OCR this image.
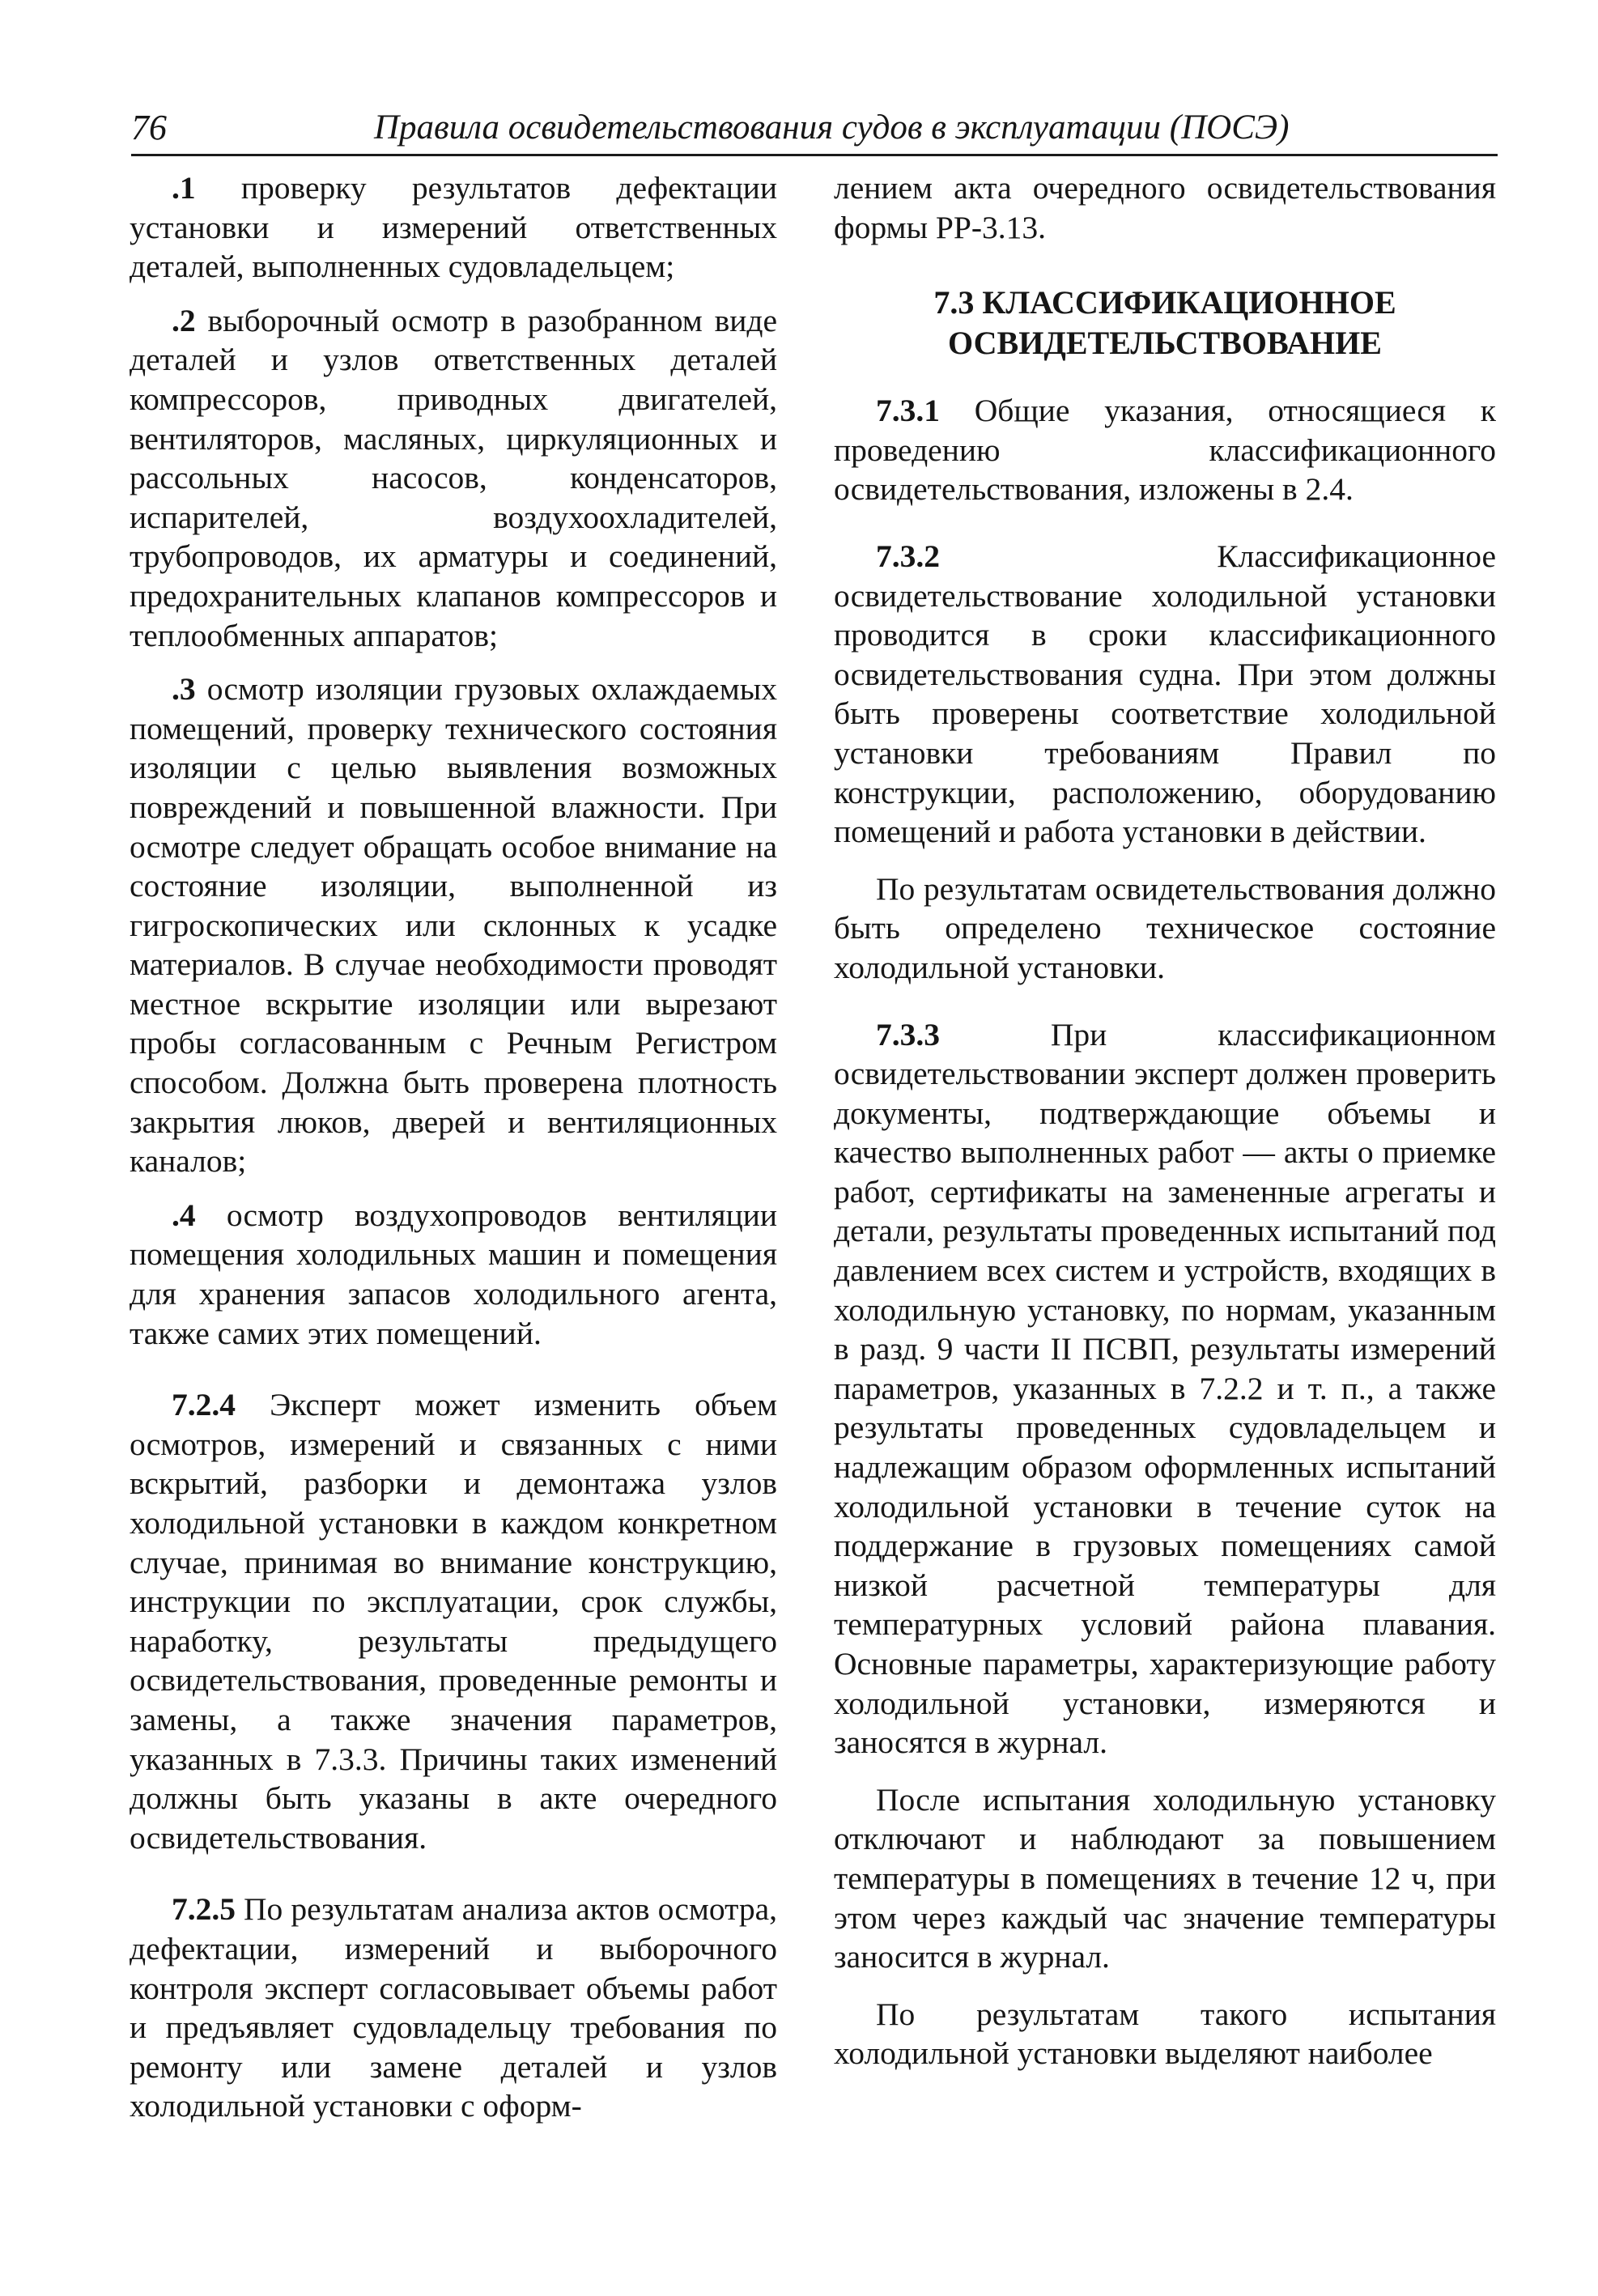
76	Правила освидетельствования судов в эксплуатации (ПОСЭ)

.1 проверку результатов дефектации установки и измерений ответственных деталей, выполненных судовладельцем;

.2 выборочный осмотр в разобранном виде деталей и узлов ответственных деталей компрессоров, приводных двигателей, вентиляторов, масляных, циркуляционных и рассольных насосов, конденсаторов, испарителей, воздухоохладителей, трубопроводов, их арматуры и соединений, предохранительных клапанов компрессоров и теплообменных аппаратов;

.3 осмотр изоляции грузовых охлаждаемых помещений, проверку технического состояния изоляции с целью выявления возможных повреждений и повышенной влажности. При осмотре следует обращать особое внимание на состояние изоляции, выполненной из гигроскопических или склонных к усадке материалов. В случае необходимости проводят местное вскрытие изоляции или вырезают пробы согласованным с Речным Регистром способом. Должна быть проверена плотность закрытия люков, дверей и вентиляционных каналов;

.4 осмотр воздухопроводов вентиляции помещения холодильных машин и помещения для хранения запасов холодильного агента, также самих этих помещений.

7.2.4 Эксперт может изменить объем осмотров, измерений и связанных с ними вскрытий, разборки и демонтажа узлов холодильной установки в каждом конкретном случае, принимая во внимание конструкцию, инструкции по эксплуатации, срок службы, наработку, результаты предыдущего освидетельствования, проведенные ремонты и замены, а также значения параметров, указанных в 7.3.3. Причины таких изменений должны быть указаны в акте очередного освидетельствования.

7.2.5 По результатам анализа актов осмотра, дефектации, измерений и выборочного контроля эксперт согласовывает объемы работ и предъявляет судовладельцу требования по ремонту или замене деталей и узлов холодильной установки с оформ-

лением акта очередного освидетельствования формы РР-3.13.

7.3 КЛАССИФИКАЦИОННОЕ
ОСВИДЕТЕЛЬСТВОВАНИЕ

7.3.1 Общие указания, относящиеся к проведению классификационного освидетельствования, изложены в 2.4.

7.3.2 Классификационное освидетельствование холодильной установки проводится в сроки классификационного освидетельствования судна. При этом должны быть проверены соответствие холодильной установки требованиям Правил по конструкции, расположению, оборудованию помещений и работа установки в действии.

По результатам освидетельствования должно быть определено техническое состояние холодильной установки.

7.3.3 При классификационном освидетельствовании эксперт должен проверить документы, подтверждающие объемы и качество выполненных работ — акты о приемке работ, сертификаты на замененные агрегаты и детали, результаты проведенных испытаний под давлением всех систем и устройств, входящих в холодильную установку, по нормам, указанным в разд. 9 части II ПСВП, результаты измерений параметров, указанных в 7.2.2 и т. п., а также результаты проведенных судовладельцем и надлежащим образом оформленных испытаний холодильной установки в течение суток на поддержание в грузовых помещениях самой низкой расчетной температуры для температурных условий района плавания. Основные параметры, характеризующие работу холодильной установки, измеряются и заносятся в журнал.

После испытания холодильную установку отключают и наблюдают за повышением температуры в помещениях в течение 12 ч, при этом через каждый час значение температуры заносится в журнал.

По результатам такого испытания холодильной установки выделяют наиболее
